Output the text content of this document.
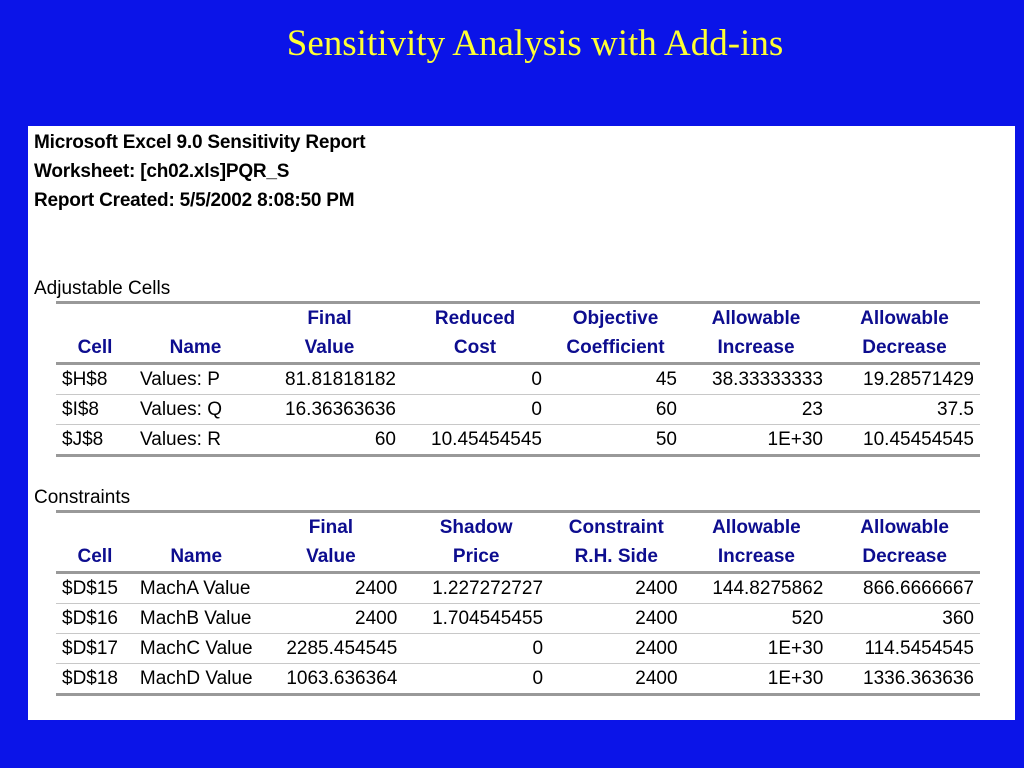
Sensitivity Analysis with Add-ins
Microsoft Excel 9.0 Sensitivity Report
Worksheet: [ch02.xls]PQR_S
Report Created: 5/5/2002 8:08:50 PM
Adjustable Cells
		Final	Reduced	Objective	Allowable	Allowable
Cell	Name	Value	Cost	Coefficient	Increase	Decrease
$H$8	Values: P	81.81818182	0	45	38.33333333	19.28571429
$I$8	Values: Q	16.36363636	0	60	23	37.5
$J$8	Values: R	60	10.45454545	50	1E+30	10.45454545
Constraints
		Final	Shadow	Constraint	Allowable	Allowable
Cell	Name	Value	Price	R.H. Side	Increase	Decrease
$D$15	MachA Value	2400	1.227272727	2400	144.8275862	866.6666667
$D$16	MachB Value	2400	1.704545455	2400	520	360
$D$17	MachC Value	2285.454545	0	2400	1E+30	114.5454545
$D$18	MachD Value	1063.636364	0	2400	1E+30	1336.363636
